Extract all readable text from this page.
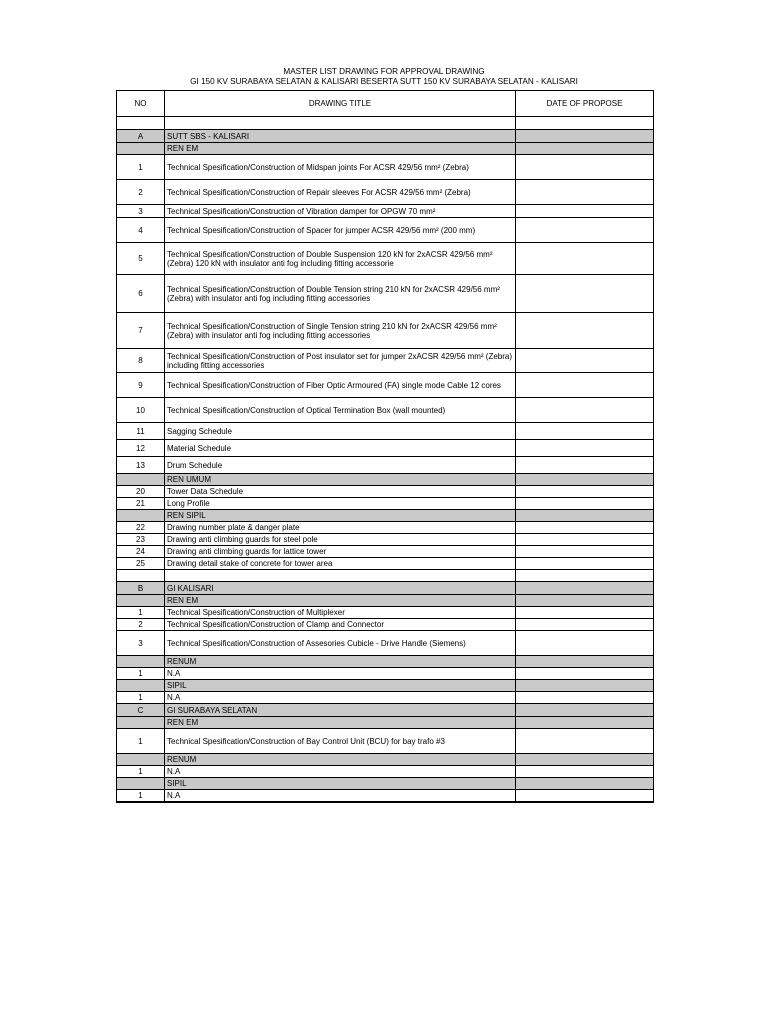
MASTER LIST DRAWING FOR APPROVAL DRAWING
GI 150 KV SURABAYA SELATAN & KALISARI BESERTA SUTT 150 KV SURABAYA SELATAN - KALISARI
NO	DRAWING TITLE	DATE OF PROPOSE

A	SUTT SBS - KALISARI	
	REN EM	
1	Technical Spesification/Construction of Midspan joints For ACSR 429/56 mm² (Zebra)	
2	Technical Spesification/Construction of Repair sleeves For ACSR 429/56 mm² (Zebra)	
3	Technical Spesification/Construction of Vibration damper for OPGW 70 mm²	
4	Technical Spesification/Construction of Spacer for jumper ACSR 429/56 mm² (200 mm)	
5	Technical Spesification/Construction of Double Suspension 120 kN for 2xACSR 429/56 mm² (Zebra) 120 kN with insulator anti fog including fitting accessorie	
6	Technical Spesification/Construction of Double Tension string 210 kN for 2xACSR 429/56 mm² (Zebra) with insulator anti fog including fitting accessories	
7	Technical Spesification/Construction of Single Tension string 210 kN for 2xACSR 429/56 mm² (Zebra) with insulator anti fog including fitting accessories	
8	Technical Spesification/Construction of Post insulator set for jumper 2xACSR 429/56 mm² (Zebra) including fitting accessories	
9	Technical Spesification/Construction of Fiber Optic Armoured (FA) single mode Cable 12 cores	
10	Technical Spesification/Construction of Optical Termination Box (wall mounted)	
11	Sagging Schedule	
12	Material Schedule	
13	Drum Schedule	
	REN UMUM	
20	Tower Data Schedule	
21	Long Profile	
	REN SIPIL	
22	Drawing number plate & danger plate	
23	Drawing anti climbing guards for steel pole	
24	Drawing anti climbing guards for lattice tower	
25	Drawing detail stake of concrete for tower area	

B	GI KALISARI	
	REN EM	
1	Technical Spesification/Construction of Multiplexer	
2	Technical Spesification/Construction of Clamp and Connector	
3	Technical Spesification/Construction of Assesories Cubicle - Drive Handle (Siemens)	
	RENUM	
1	N.A	
	SIPIL	
1	N.A	
C	GI SURABAYA SELATAN	
	REN EM	
1	Technical Spesification/Construction of Bay Control Unit (BCU) for bay trafo #3	
	RENUM	
1	N.A	
	SIPIL	
1	N.A	
